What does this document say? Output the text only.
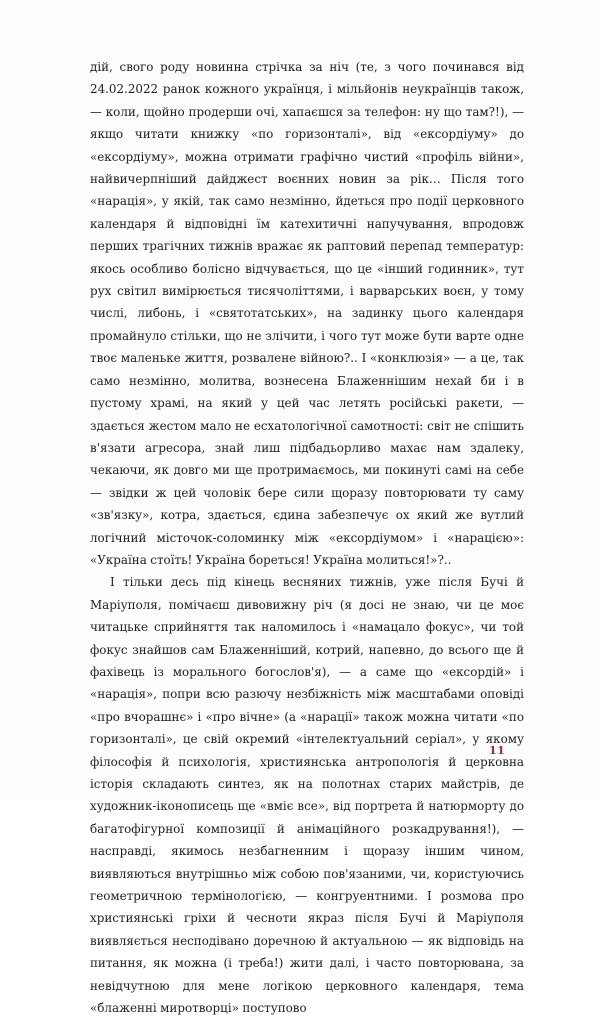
дій, свого роду новинна стрічка за ніч (те, з чого починався від 24.02.2022 ранок кожного українця, і мільйонів неукраїнців також, — коли, щойно продерши очі, хапаєшся за телефон: ну що там?!), — якщо читати книжку «по горизонталі», від «ексордіуму» до «ексордіуму», можна отримати графічно чистий «профіль війни», найвичерпніший дайджест воєнних новин за рік… Після того «нарація», у якій, так само незмінно, йдеться про події церковного календаря й відповідні їм катехитичні напучування, впродовж перших трагічних тижнів вражає як раптовий перепад температур: якось особливо болісно відчувається, що це «інший годинник», тут рух світил вимірюється тисячоліттями, і варварських воєн, у тому числі, либонь, і «святотатських», на задинку цього календаря промайнуло стільки, що не злічити, і чого тут може бути варте одне твоє маленьке життя, розвалене війною?.. І «конклюзія» — а це, так само незмінно, молитва, вознесена Блаженнішим нехай би і в пустому храмі, на який у цей час летять російські ракети, — здається жестом мало не есхатологічної самотності: світ не спішить в'язати агресора, знай лиш підбадьорливо махає нам здалеку, чекаючи, як довго ми ще протримаємось, ми покинуті самі на себе — звідки ж цей чоловік бере сили щоразу повторювати ту саму «зв'язку», котра, здається, єдина забезпечує ох який же вутлий логічний місточок-соломинку між «ексордіумом» і «нарацією»: «Україна стоїть! Україна бореться! Україна молиться!»?..

І тільки десь під кінець весняних тижнів, уже після Бучі й Маріуполя, помічаєш дивовижну річ (я досі не знаю, чи це моє читацьке сприйняття так наломилось і «намацало фокус», чи той фокус знайшов сам Блаженніший, котрий, напевно, до всього ще й фахівець із морального богослов'я), — а саме що «ексордій» і «нарація», попри всю разючу незбіжність між масштабами оповіді «про вчорашнє» і «про вічне» (а «нарації» також можна читати «по горизонталі», це свій окремий «інтелектуальний серіал», у якому філософія й психологія, християнська антропологія й церковна історія складають синтез, як на полотнах старих майстрів, де художник-іконописець ще «вміє все», від портрета й натюрморту до багатофігурної композиції й анімаційного розкадрування!), — насправді, якимось незбагненним і щоразу іншим чином, виявляються внутрішньо між собою пов'язаними, чи, користуючись геометричною термінологією, — конгруентними. І розмова про християнські гріхи й чесноти якраз після Бучі й Маріуполя виявляється несподівано доречною й актуальною — як відповідь на питання, як можна (і треба!) жити далі, і часто повторювана, за невідчутною для мене логікою церковного календаря, тема «блаженні миротворці» поступово

11
